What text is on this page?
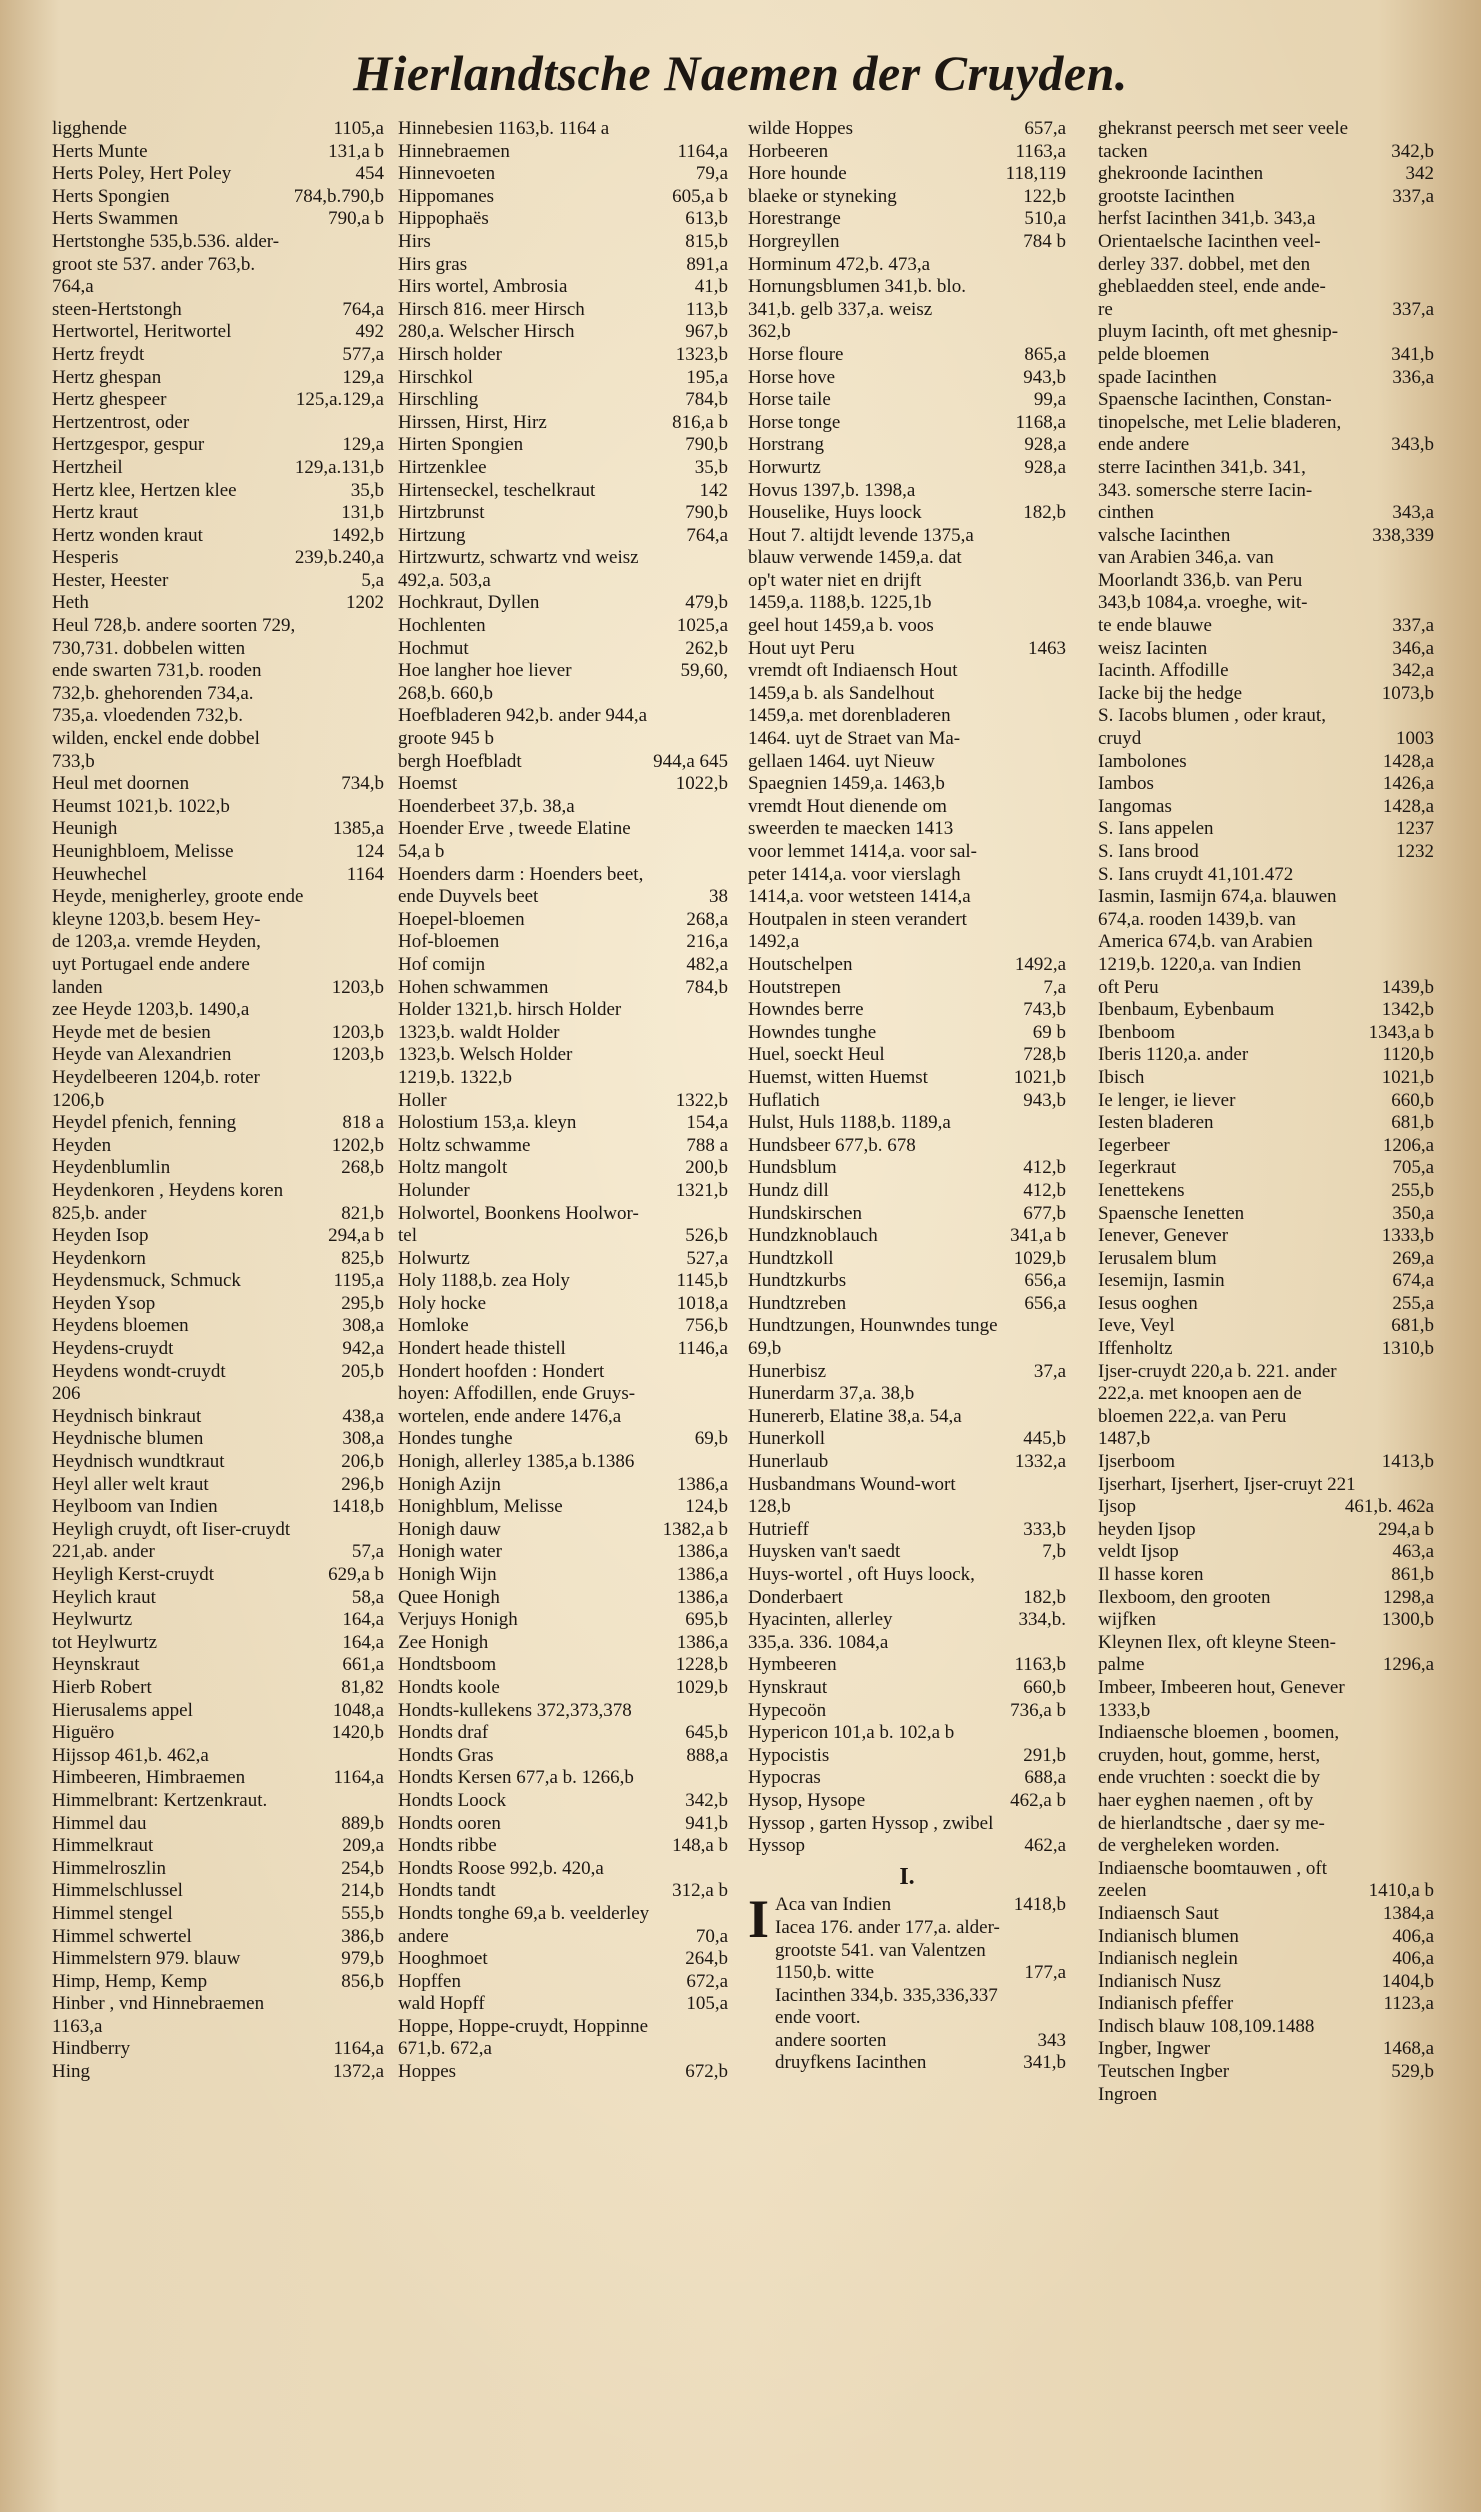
Hierlandtsche Naemen der Cruyden.
ligghende	1105,a
Herts Munte	131,a b
Herts Poley, Hert Poley	454
Herts Spongien	784,b.790,b
Herts Swammen	790,a b
Hertstonghe 535,b.536. alder-
groot ste 537. ander 763,b.
764,a
steen-Hertstongh	764,a
Hertwortel, Heritwortel	492
Hertz freydt	577,a
Hertz ghespan	129,a
Hertz ghespeer	125,a.129,a
Hertzentrost, oder
Hertzgespor, gespur	129,a
Hertzheil	129,a.131,b
Hertz klee, Hertzen klee	35,b
Hertz kraut	131,b
Hertz wonden kraut	1492,b
Hesperis	239,b.240,a
Hester, Heester	5,a
Heth	1202
Heul 728,b. andere soorten 729,
730,731. dobbelen witten
ende swarten 731,b. rooden
732,b. ghehorenden 734,a.
735,a. vloedenden 732,b.
wilden, enckel ende dobbel
733,b
Heul met doornen	734,b
Heumst 1021,b. 1022,b
Heunigh	1385,a
Heunighbloem, Melisse	124
Heuwhechel	1164
Heyde, menigherley, groote ende
kleyne 1203,b. besem Hey-
de 1203,a. vremde Heyden,
uyt Portugael ende andere
landen	1203,b
zee Heyde 1203,b. 1490,a
Heyde met de besien	1203,b
Heyde van Alexandrien	1203,b
Heydelbeeren 1204,b. roter
1206,b
Heydel pfenich, fenning	818 a
Heyden	1202,b
Heydenblumlin	268,b
Heydenkoren , Heydens koren
825,b. ander	821,b
Heyden Isop	294,a b
Heydenkorn	825,b
Heydensmuck, Schmuck	1195,a
Heyden Ysop	295,b
Heydens bloemen	308,a
Heydens-cruydt	942,a
Heydens wondt-cruydt	205,b
206
Heydnisch binkraut	438,a
Heydnische blumen	308,a
Heydnisch wundtkraut	206,b
Heyl aller welt kraut	296,b
Heylboom van Indien	1418,b
Heyligh cruydt, oft Iiser-cruydt
221,ab. ander	57,a
Heyligh Kerst-cruydt	629,a b
Heylich kraut	58,a
Heylwurtz	164,a
tot Heylwurtz	164,a
Heynskraut	661,a
Hierb Robert	81,82
Hierusalems appel	1048,a
Higuëro	1420,b
Hijssop 461,b. 462,a
Himbeeren, Himbraemen	1164,a
Himmelbrant: Kertzenkraut.
Himmel dau	889,b
Himmelkraut	209,a
Himmelroszlin	254,b
Himmelschlussel	214,b
Himmel stengel	555,b
Himmel schwertel	386,b
Himmelstern 979. blauw	979,b
Himp, Hemp, Kemp	856,b
Hinber , vnd Hinnebraemen
1163,a
Hindberry	1164,a
Hing	1372,a
Hinnebesien 1163,b. 1164 a
Hinnebraemen	1164,a
Hinnevoeten	79,a
Hippomanes	605,a b
Hippophaës	613,b
Hirs	815,b
Hirs gras	891,a
Hirs wortel, Ambrosia	41,b
Hirsch 816. meer Hirsch	113,b
280,a. Welscher Hirsch	967,b
Hirsch holder	1323,b
Hirschkol	195,a
Hirschling	784,b
Hirssen, Hirst, Hirz	816,a b
Hirten Spongien	790,b
Hirtzenklee	35,b
Hirtenseckel, teschelkraut	142
Hirtzbrunst	790,b
Hirtzung	764,a
Hirtzwurtz, schwartz vnd weisz
492,a. 503,a
Hochkraut, Dyllen	479,b
Hochlenten	1025,a
Hochmut	262,b
Hoe langher hoe liever	59,60,
268,b. 660,b
Hoefbladeren 942,b. ander 944,a
groote 945 b
bergh Hoefbladt	944,a 645
Hoemst	1022,b
Hoenderbeet 37,b. 38,a
Hoender Erve , tweede Elatine
54,a b
Hoenders darm : Hoenders beet,
ende Duyvels beet	38
Hoepel-bloemen	268,a
Hof-bloemen	216,a
Hof comijn	482,a
Hohen schwammen	784,b
Holder 1321,b. hirsch Holder
1323,b. waldt Holder
1323,b. Welsch Holder
1219,b. 1322,b
Holler	1322,b
Holostium 153,a. kleyn	154,a
Holtz schwamme	788 a
Holtz mangolt	200,b
Holunder	1321,b
Holwortel, Boonkens Hoolwor-
tel	526,b
Holwurtz	527,a
Holy 1188,b. zea Holy	1145,b
Holy hocke	1018,a
Homloke	756,b
Hondert heade thistell	1146,a
Hondert hoofden : Hondert
hoyen: Affodillen, ende Gruys-
wortelen, ende andere 1476,a
Hondes tunghe	69,b
Honigh, allerley 1385,a b.1386
Honigh Azijn	1386,a
Honighblum, Melisse	124,b
Honigh dauw	1382,a b
Honigh water	1386,a
Honigh Wijn	1386,a
Quee Honigh	1386,a
Verjuys Honigh	695,b
Zee Honigh	1386,a
Hondtsboom	1228,b
Hondts koole	1029,b
Hondts-kullekens 372,373,378
Hondts draf	645,b
Hondts Gras	888,a
Hondts Kersen 677,a b. 1266,b
Hondts Loock	342,b
Hondts ooren	941,b
Hondts ribbe	148,a b
Hondts Roose 992,b. 420,a
Hondts tandt	312,a b
Hondts tonghe 69,a b. veelderley
andere	70,a
Hooghmoet	264,b
Hopffen	672,a
wald Hopff	105,a
Hoppe, Hoppe-cruydt, Hoppinne
671,b. 672,a
Hoppes	672,b
wilde Hoppes	657,a
Horbeeren	1163,a
Hore hounde	118,119
blaeke or styneking	122,b
Horestrange	510,a
Horgreyllen	784 b
Horminum 472,b. 473,a
Hornungsblumen 341,b. blo.
341,b. gelb 337,a. weisz
362,b
Horse floure	865,a
Horse hove	943,b
Horse taile	99,a
Horse tonge	1168,a
Horstrang	928,a
Horwurtz	928,a
Hovus 1397,b. 1398,a
Houselike, Huys loock	182,b
Hout 7. altijdt levende 1375,a
blauw verwende 1459,a. dat
op't water niet en drijft
1459,a. 1188,b. 1225,1b
geel hout 1459,a b. voos
Hout uyt Peru	1463
vremdt oft Indiaensch Hout
1459,a b. als Sandelhout
1459,a. met dorenbladeren
1464. uyt de Straet van Ma-
gellaen 1464. uyt Nieuw
Spaegnien 1459,a. 1463,b
vremdt Hout dienende om
sweerden te maecken 1413
voor lemmet 1414,a. voor sal-
peter 1414,a. voor vierslagh
1414,a. voor wetsteen 1414,a
Houtpalen in steen verandert
1492,a
Houtschelpen	1492,a
Houtstrepen	7,a
Howndes berre	743,b
Howndes tunghe	69 b
Huel, soeckt Heul	728,b
Huemst, witten Huemst	1021,b
Huflatich	943,b
Hulst, Huls 1188,b. 1189,a
Hundsbeer 677,b. 678
Hundsblum	412,b
Hundz dill	412,b
Hundskirschen	677,b
Hundzknoblauch	341,a b
Hundtzkoll	1029,b
Hundtzkurbs	656,a
Hundtzreben	656,a
Hundtzungen, Hounwndes tunge
69,b
Hunerbisz	37,a
Hunerdarm 37,a. 38,b
Hunererb, Elatine 38,a. 54,a
Hunerkoll	445,b
Hunerlaub	1332,a
Husbandmans Wound-wort
128,b
Hutrieff	333,b
Huysken van't saedt	7,b
Huys-wortel , oft Huys loock,
Donderbaert	182,b
Hyacinten, allerley	334,b.
335,a. 336. 1084,a
Hymbeeren	1163,b
Hynskraut	660,b
Hypecoön	736,a b
Hypericon 101,a b. 102,a b
Hypocistis	291,b
Hypocras	688,a
Hysop, Hysope	462,a b
Hyssop , garten Hyssop , zwibel
Hyssop	462,a
I.
I Aca van Indien	1418,b
Iacea 176. ander 177,a. alder-
grootste 541. van Valentzen
1150,b. witte	177,a
Iacinthen 334,b. 335,336,337
ende voort.
andere soorten	343
druyfkens Iacinthen	341,b
ghekranst peersch met seer veele
tacken	342,b
ghekroonde Iacinthen	342
grootste Iacinthen	337,a
herfst Iacinthen 341,b. 343,a
Orientaelsche Iacinthen veel-
derley 337. dobbel, met den
gheblaedden steel, ende ande-
re	337,a
pluym Iacinth, oft met ghesnip-
pelde bloemen	341,b
spade Iacinthen	336,a
Spaensche Iacinthen, Constan-
tinopelsche, met Lelie bladeren,
ende andere	343,b
sterre Iacinthen 341,b. 341,
343. somersche sterre Iacin-
cinthen	343,a
valsche Iacinthen	338,339
van Arabien 346,a. van
Moorlandt 336,b. van Peru
343,b 1084,a. vroeghe, wit-
te ende blauwe	337,a
weisz Iacinten	346,a
Iacinth. Affodille	342,a
Iacke bij the hedge	1073,b
S. Iacobs blumen , oder kraut,
cruyd	1003
Iambolones	1428,a
Iambos	1426,a
Iangomas	1428,a
S. Ians appelen	1237
S. Ians brood	1232
S. Ians cruydt 41,101.472
Iasmin, Iasmijn 674,a. blauwen
674,a. rooden 1439,b. van
America 674,b. van Arabien
1219,b. 1220,a. van Indien
oft Peru	1439,b
Ibenbaum, Eybenbaum	1342,b
Ibenboom	1343,a b
Iberis 1120,a. ander	1120,b
Ibisch	1021,b
Ie lenger, ie liever	660,b
Iesten bladeren	681,b
Iegerbeer	1206,a
Iegerkraut	705,a
Ienettekens	255,b
Spaensche Ienetten	350,a
Ienever, Genever	1333,b
Ierusalem blum	269,a
Iesemijn, Iasmin	674,a
Iesus ooghen	255,a
Ieve, Veyl	681,b
Iffenholtz	1310,b
Ijser-cruydt 220,a b. 221. ander
222,a. met knoopen aen de
bloemen 222,a. van Peru
1487,b
Ijserboom	1413,b
Ijserhart, Ijserhert, Ijser-cruyt 221
Ijsop	461,b. 462a
heyden Ijsop	294,a b
veldt Ijsop	463,a
Il hasse koren	861,b
Ilexboom, den grooten	1298,a
wijfken	1300,b
Kleynen Ilex, oft kleyne Steen-
palme	1296,a
Imbeer, Imbeeren hout, Genever
1333,b
Indiaensche bloemen , boomen,
cruyden, hout, gomme, herst,
ende vruchten : soeckt die by
haer eyghen naemen , oft by
de hierlandtsche , daer sy me-
de vergheleken worden.
Indiaensche boomtauwen , oft
zeelen	1410,a b
Indiaensch Saut	1384,a
Indianisch blumen	406,a
Indianisch neglein	406,a
Indianisch Nusz	1404,b
Indianisch pfeffer	1123,a
Indisch blauw 108,109.1488
Ingber, Ingwer	1468,a
Teutschen Ingber	529,b
Ingroen
